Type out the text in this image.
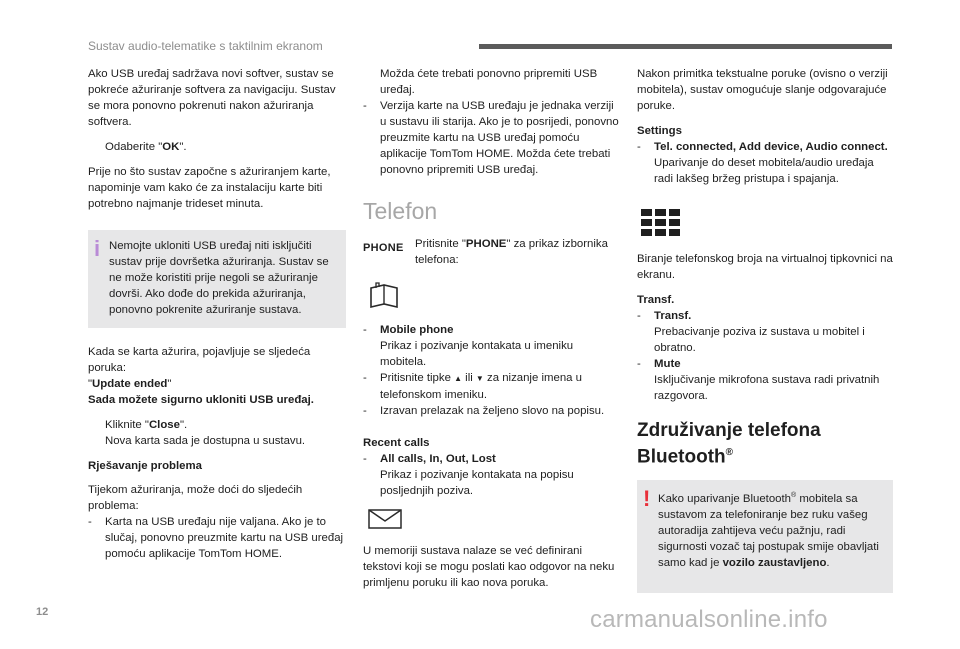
Sustav audio-telematike s taktilnim ekranom

Ako USB uređaj sadržava novi softver, sustav se pokreće ažuriranje softvera za navigaciju. Sustav se mora ponovno pokrenuti nakon ažuriranja softvera.

Odaberite "OK".

Prije no što sustav započne s ažuriranjem karte, napominje vam kako će za instalaciju karte biti potrebno najmanje trideset minuta.

i Nemojte ukloniti USB uređaj niti isključiti sustav prije dovršetka ažuriranja. Sustav se ne može koristiti prije negoli se ažuriranje dovrši. Ako dođe do prekida ažuriranja, ponovno pokrenite ažuriranje sustava.

Kada se karta ažurira, pojavljuje se sljedeća poruka:
"Update ended"
Sada možete sigurno ukloniti USB uređaj.

Kliknite "Close".
Nova karta sada je dostupna u sustavu.

Rješavanje problema

Tijekom ažuriranja, može doći do sljedećih problema:

- Karta na USB uređaju nije valjana. Ako je to slučaj, ponovno preuzmite kartu na USB uređaj pomoću aplikacije TomTom HOME.

Možda ćete trebati ponovno pripremiti USB uređaj.

- Verzija karte na USB uređaju je jednaka verziji u sustavu ili starija. Ako je to posrijedi, ponovno preuzmite kartu na USB uređaj pomoću aplikacije TomTom HOME. Možda ćete trebati ponovno pripremiti USB uređaj.
Telefon
PHONE Pritisnite "PHONE" za prikaz izbornika telefona:
- Mobile phone
Prikaz i pozivanje kontakata u imeniku mobitela.
- Pritisnite tipke ▲ ili ▼ za nizanje imena u telefonskom imeniku.
- Izravan prelazak na željeno slovo na popisu.
Recent calls
- All calls, In, Out, Lost
Prikaz i pozivanje kontakata na popisu posljednjih poziva.

U memoriji sustava nalaze se već definirani tekstovi koji se mogu poslati kao odgovor na neku primljenu poruku ili kao nova poruka.

Nakon primitka tekstualne poruke (ovisno o verziji mobitela), sustav omogućuje slanje odgovarajuće poruke.

Settings
- Tel. connected, Add device, Audio connect.
Uparivanje do deset mobitela/audio uređaja radi lakšeg bržeg pristupa i spajanja.

Biranje telefonskog broja na virtualnoj tipkovnici na ekranu.

Transf.
- Transf.
Prebacivanje poziva iz sustava u mobitel i obratno.
- Mute
Isključivanje mikrofona sustava radi privatnih razgovora.
Združivanje telefona Bluetooth®
! Kako uparivanje Bluetooth® mobitela sa sustavom za telefoniranje bez ruku vašeg autoradija zahtijeva veću pažnju, radi sigurnosti vozač taj postupak smije obavljati samo kad je vozilo zaustavljeno.
12	carmanualsonline.info
